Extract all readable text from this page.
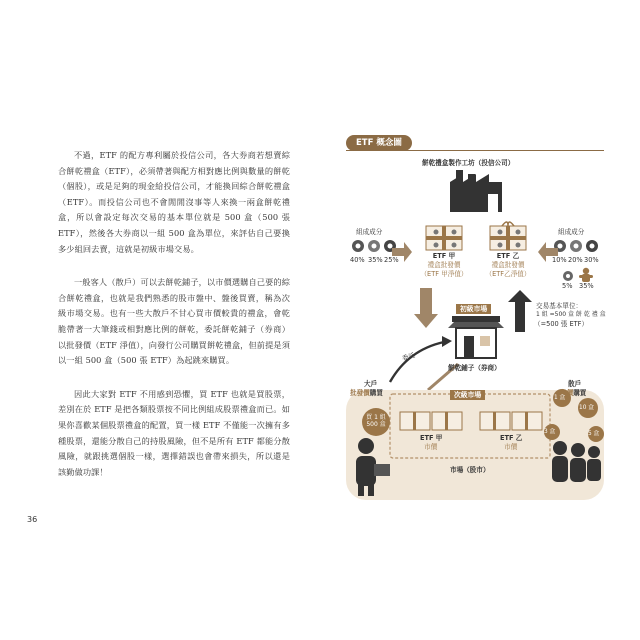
不過，ETF 的配方專利屬於投信公司，各大券商若想賣綜合餅乾禮盒（ETF），必須帶著與配方相對應比例與數量的餅乾（個股），或是足夠的現金給投信公司，才能換回綜合餅乾禮盒（ETF）。而投信公司也不會閒閒沒事等人來換一兩盒餅乾禮盒，所以會設定每次交易的基本單位就是 500 盒（500 張 ETF），然後各大券商以一組 500 盒為單位，來評估自己要換多少組回去賣，這就是初級市場交易。

一般客人（散戶）可以去餅乾鋪子，以市價選購自己要的綜合餅乾禮盒，也就是我們熟悉的股市盤中、盤後買賣，稱為次級市場交易。也有一些大散戶不甘心買市價較貴的禮盒，會乾脆帶著一大筆錢或相對應比例的餅乾，委託餅乾鋪子（券商）以批發價（ETF 淨值），向發行公司購買餅乾禮盒，但前提是須以一組 500 盒（500 張 ETF）為起跳來購買。

因此大家對 ETF 不用感到恐懼，買 ETF 也就是買股票，差別在於 ETF 是把各類股票按不同比例組成股票禮盒而已。如果你喜歡某個股票禮盒的配置，買一樣 ETF 不僅能一次擁有多種股票，還能分散自己的持股風險，但不是所有 ETF 都能分散風險，就跟挑選個股一樣，選擇錯誤也會帶來損失，所以還是該勤做功課！

36
ETF 概念圖
餅乾禮盒製作工坊（投信公司）
組成成分
40% 35% 25%
組成成分
10% 20% 30%
5% 35%
ETF 甲
禮盒批發價
（ETF 甲淨值）
ETF 乙
禮盒批發價
（ETF乙淨值）
初級市場	交易基本單位：
1 組 =500 盒 餅 乾 禮 盒
（=500 張 ETF）
委託
餅乾鋪子（券商）
大戶
批發價購買
散戶
市價購買
次級市場
買 1 組
500 盒
ETF 甲
市價
ETF 乙
市價
市場（股市）
1 盒
10 盒
3 盒	5 盒
